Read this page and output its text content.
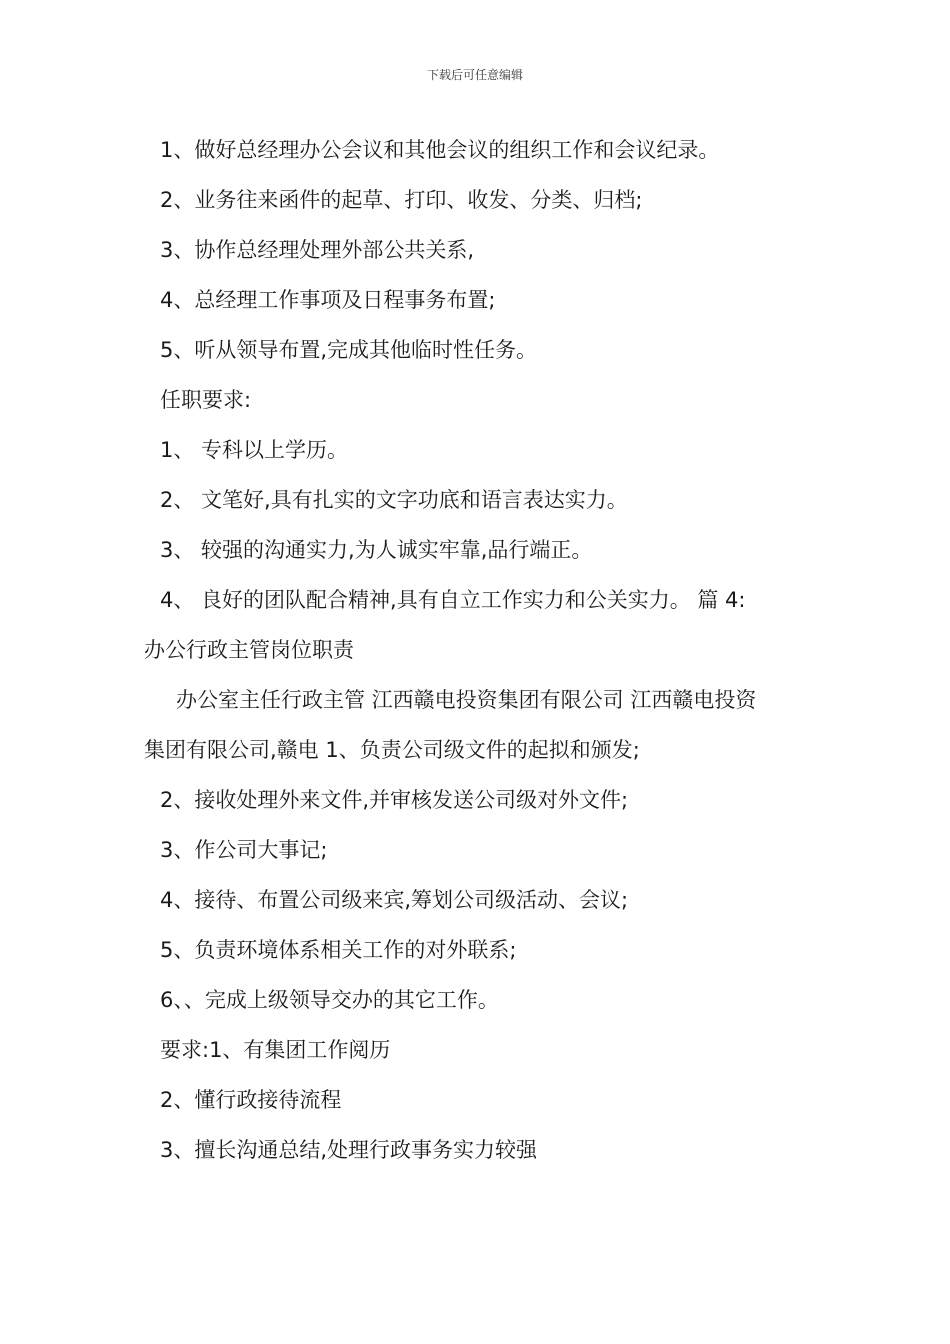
下载后可任意编辑
1、做好总经理办公会议和其他会议的组织工作和会议纪录。
2、业务往来函件的起草、打印、收发、分类、归档;
3、协作总经理处理外部公共关系,
4、总经理工作事项及日程事务布置;
5、听从领导布置,完成其他临时性任务。
任职要求:
1、 专科以上学历。
2、 文笔好,具有扎实的文字功底和语言表达实力。
3、 较强的沟通实力,为人诚实牢靠,品行端正。
4、 良好的团队配合精神,具有自立工作实力和公关实力。 篇 4:
办公行政主管岗位职责
办公室主任行政主管 江西赣电投资集团有限公司 江西赣电投资
集团有限公司,赣电 1、负责公司级文件的起拟和颁发;
2、接收处理外来文件,并审核发送公司级对外文件;
3、作公司大事记;
4、接待、布置公司级来宾,筹划公司级活动、会议;
5、负责环境体系相关工作的对外联系;
6、、完成上级领导交办的其它工作。
要求:1、有集团工作阅历
2、懂行政接待流程
3、擅长沟通总结,处理行政事务实力较强
